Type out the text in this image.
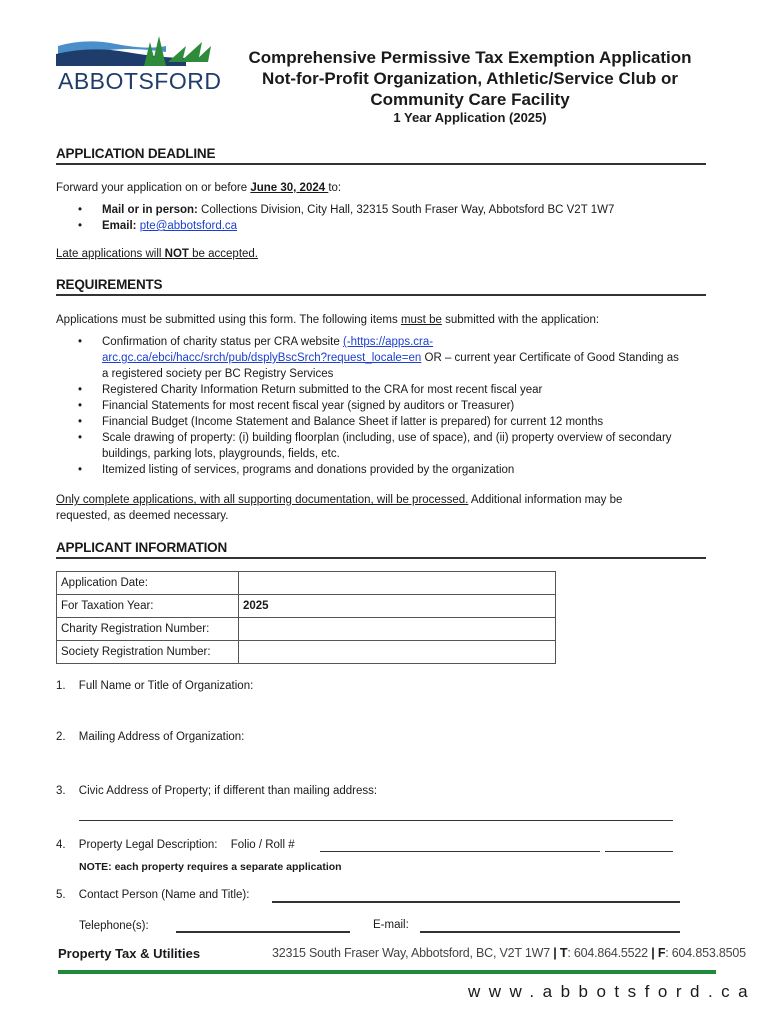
ABBOTSFORD
Comprehensive Permissive Tax Exemption Application
Not-for-Profit Organization, Athletic/Service Club or
Community Care Facility
1 Year Application (2025)
APPLICATION DEADLINE
Forward your application on or before June 30, 2024 to:
• Mail or in person: Collections Division, City Hall, 32315 South Fraser Way, Abbotsford BC V2T 1W7
• Email: pte@abbotsford.ca
Late applications will NOT be accepted.
REQUIREMENTS
Applications must be submitted using this form. The following items must be submitted with the application:
• Confirmation of charity status per CRA website (-https://apps.cra-
arc.gc.ca/ebci/hacc/srch/pub/dsplyBscSrch?request_locale=en OR – current year Certificate of Good Standing as
a registered society per BC Registry Services
• Registered Charity Information Return submitted to the CRA for most recent fiscal year
• Financial Statements for most recent fiscal year (signed by auditors or Treasurer)
• Financial Budget (Income Statement and Balance Sheet if latter is prepared) for current 12 months
• Scale drawing of property: (i) building floorplan (including, use of space), and (ii) property overview of secondary
buildings, parking lots, playgrounds, fields, etc.
• Itemized listing of services, programs and donations provided by the organization
Only complete applications, with all supporting documentation, will be processed. Additional information may be
requested, as deemed necessary.
APPLICANT INFORMATION
Application Date:	
For Taxation Year:	2025
Charity Registration Number:	
Society Registration Number:	
1. Full Name or Title of Organization:
2. Mailing Address of Organization:
3. Civic Address of Property; if different than mailing address:
4. Property Legal Description: Folio / Roll #
NOTE: each property requires a separate application
5. Contact Person (Name and Title):
Telephone(s):	E-mail:
Property Tax & Utilities	32315 South Fraser Way, Abbotsford, BC, V2T 1W7 | T: 604.864.5522 | F: 604.853.8505
www.abbotsford.ca
